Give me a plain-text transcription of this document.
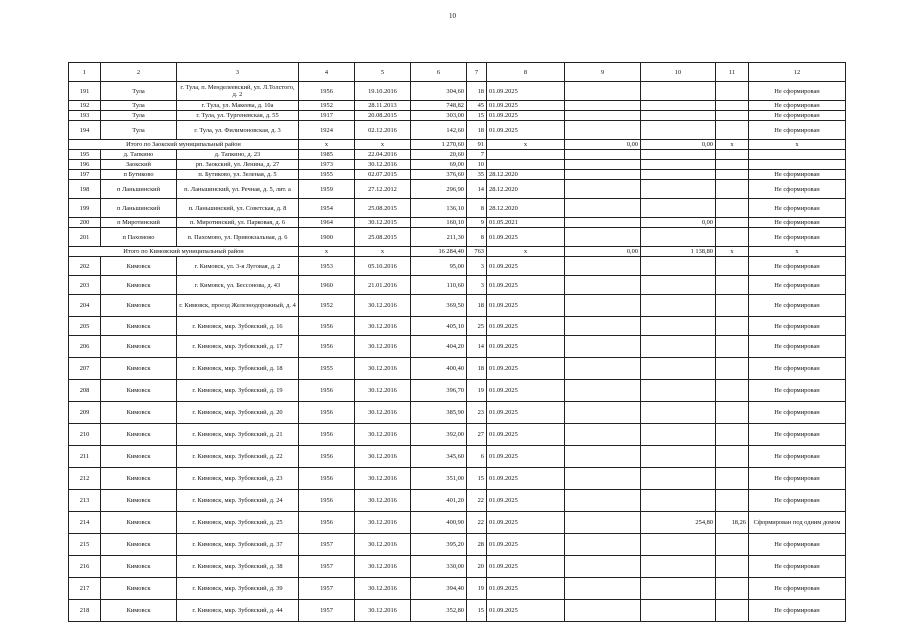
10
1	2	3	4	5	6	7	8	9	10	11	12
191	Тула	г. Тула, п. Менделеевский, ул. Л.Толстого, д. 2	1956	19.10.2016	304,60	18	01.09.2025				Не сформирован
192	Тула	г. Тула, ул. Макеева, д. 10а	1952	28.11.2013	748,82	45	01.09.2025				Не сформирован
193	Тула	г. Тула, ул. Тургеневская, д. 55	1917	20.08.2015	303,00	15	01.09.2025				Не сформирован
194	Тула	г. Тула, ул. Филимоновская, д. 3	1924	02.12.2016	142,60	18	01.09.2025				Не сформирован
Итого по Заокский муниципальный район			x	x	1 270,60	91	x	0,00	0,00	x	x
195	д. Тапкино	д. Тапкино, д. 23	1985	22.04.2016	20,60	7					
196	Заокский	рп. Заокский, ул. Ленина, д. 27	1973	30.12.2016	69,00	10					
197	п Бутиково	п. Бутиково, ул. Зеленая, д. 5	1955	02.07.2015	376,60	35	28.12.2020				Не сформирован
198	п Ланьшинский	п. Ланьшинский, ул. Речная, д. 5, лит. а	1959	27.12.2012	296,90	14	28.12.2020				Не сформирован
199	п Ланьшинский	п. Ланьшинский, ул. Советская, д. 8	1954	25.08.2015	136,10	8	28.12.2020				Не сформирован
200	п Миротинский	п. Миротинский, ул. Парковая, д. 6	1964	30.12.2015	160,10	9	01.05.2021		0,00		Не сформирован
201	п Пахомово	п. Пахомово, ул. Привокзальная, д. 6	1900	25.08.2015	211,30	8	01.09.2025				Не сформирован
Итого по Кимовский муниципальный район			x	x	16 284,40	763	x	0,00	1 138,80	x	x
202	Кимовск	г. Кимовск, ул. 3-я Луговая, д. 2	1953	05.10.2016	95,00	3	01.09.2025				Не сформирован
203	Кимовск	г. Кимовск, ул. Бессонова, д. 43	1960	21.01.2016	110,60	3	01.09.2025				Не сформирован
204	Кимовск	г. Кимовск, проезд Железнодорожный, д. 4	1952	30.12.2016	369,50	18	01.09.2025				Не сформирован
205	Кимовск	г. Кимовск, мкр. Зубовский, д. 16	1956	30.12.2016	405,10	25	01.09.2025				Не сформирован
206	Кимовск	г. Кимовск, мкр. Зубовский, д. 17	1956	30.12.2016	404,20	14	01.09.2025				Не сформирован
207	Кимовск	г. Кимовск, мкр. Зубовский, д. 18	1955	30.12.2016	400,40	18	01.09.2025				Не сформирован
208	Кимовск	г. Кимовск, мкр. Зубовский, д. 19	1956	30.12.2016	396,70	19	01.09.2025				Не сформирован
209	Кимовск	г. Кимовск, мкр. Зубовский, д. 20	1956	30.12.2016	385,90	23	01.09.2025				Не сформирован
210	Кимовск	г. Кимовск, мкр. Зубовский, д. 21	1956	30.12.2016	392,00	27	01.09.2025				Не сформирован
211	Кимовск	г. Кимовск, мкр. Зубовский, д. 22	1956	30.12.2016	345,60	6	01.09.2025				Не сформирован
212	Кимовск	г. Кимовск, мкр. Зубовский, д. 23	1956	30.12.2016	351,00	15	01.09.2025				Не сформирован
213	Кимовск	г. Кимовск, мкр. Зубовский, д. 24	1956	30.12.2016	401,20	22	01.09.2025				Не сформирован
214	Кимовск	г. Кимовск, мкр. Зубовский, д. 25	1956	30.12.2016	400,90	22	01.09.2025		254,80	18,26	Сформирован под одним домом
215	Кимовск	г. Кимовск, мкр. Зубовский, д. 37	1957	30.12.2016	395,20	28	01.09.2025				Не сформирован
216	Кимовск	г. Кимовск, мкр. Зубовский, д. 38	1957	30.12.2016	330,00	20	01.09.2025				Не сформирован
217	Кимовск	г. Кимовск, мкр. Зубовский, д. 39	1957	30.12.2016	394,40	19	01.09.2025				Не сформирован
218	Кимовск	г. Кимовск, мкр. Зубовский, д. 44	1957	30.12.2016	352,80	15	01.09.2025				Не сформирован
